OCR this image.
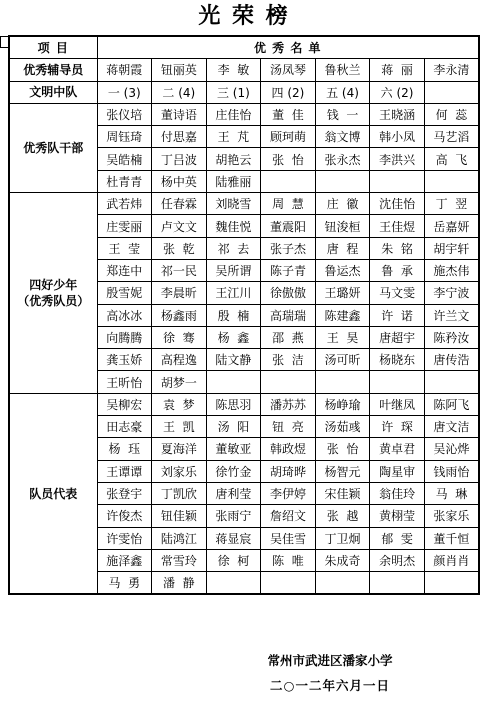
光 荣 榜
项 目	优 秀 名 单						
优秀辅导员	蒋朝霞	钮丽英	李  敏	汤凤琴	鲁秋兰	蒋  丽	李永清
文明中队	一 (3)	二 (4)	三 (1)	四 (2)	五 (4)	六 (2)	
优秀队干部	张仪培	董诗语	庄佳怡	董  佳	钱  一	王晓涵	何  蕊
	周钰琦	付思嘉	王  芃	顾珂萌	翁文博	韩小凤	马艺滔
	吴皓楠	丁吕波	胡艳云	张  怡	张永杰	李洪兴	高  飞
	杜青青	杨中英	陆雅丽				
四好少年
（优秀队员）	武若炜	任春霖	刘晓雪	周  慧	庄  徽	沈佳怡	丁  翌
	庄雯丽	卢文文	魏佳悦	董震阳	钮浚桓	王佳煜	岳嘉妍
	王  莹	张  乾	祁  去	张子杰	唐  程	朱  铭	胡宇轩
	郑连中	祁一民	吴所谓	陈子青	鲁运杰	鲁  承	施杰伟
	殷雪妮	李晨昕	王江川	徐傲傲	王璐妍	马文雯	李宁波
	高冰冰	杨鑫雨	殷  楠	高瑞瑞	陈建鑫	许  诺	许兰文
	向腾腾	徐  骞	杨  鑫	邵  燕	王  昊	唐超宇	陈矜汝
	龚玉娇	高程逸	陆文静	张  洁	汤可昕	杨晓东	唐传浩
	王昕怡	胡梦一					
队员代表	吴柳宏	袁  梦	陈思羽	潘苏苏	杨峥瑜	叶继凤	陈阿飞
	田志豪	王  凯	汤  阳	钮  亮	汤茹彧	许  琛	唐文洁
	杨  珏	夏海洋	董敏亚	韩政煜	张  怡	黄卓君	吴沁烨
	王谭谭	刘家乐	徐竹金	胡琦晔	杨智元	陶星审	钱雨怡
	张登宇	丁凯欣	唐利莹	李伊婷	宋佳颖	翁佳玲	马  琳
	许俊杰	钮佳颖	张雨宁	詹绍文	张  越	黄栩莹	张家乐
	许雯怡	陆鸿江	蒋显宸	吴佳雪	丁卫炯	郁  雯	董千恒
	施泽鑫	常雪玲	徐  柯	陈  唯	朱成奇	余明杰	颜肖肖
	马  勇	潘  静					
常州市武进区潘家小学
二○一二年六月一日
